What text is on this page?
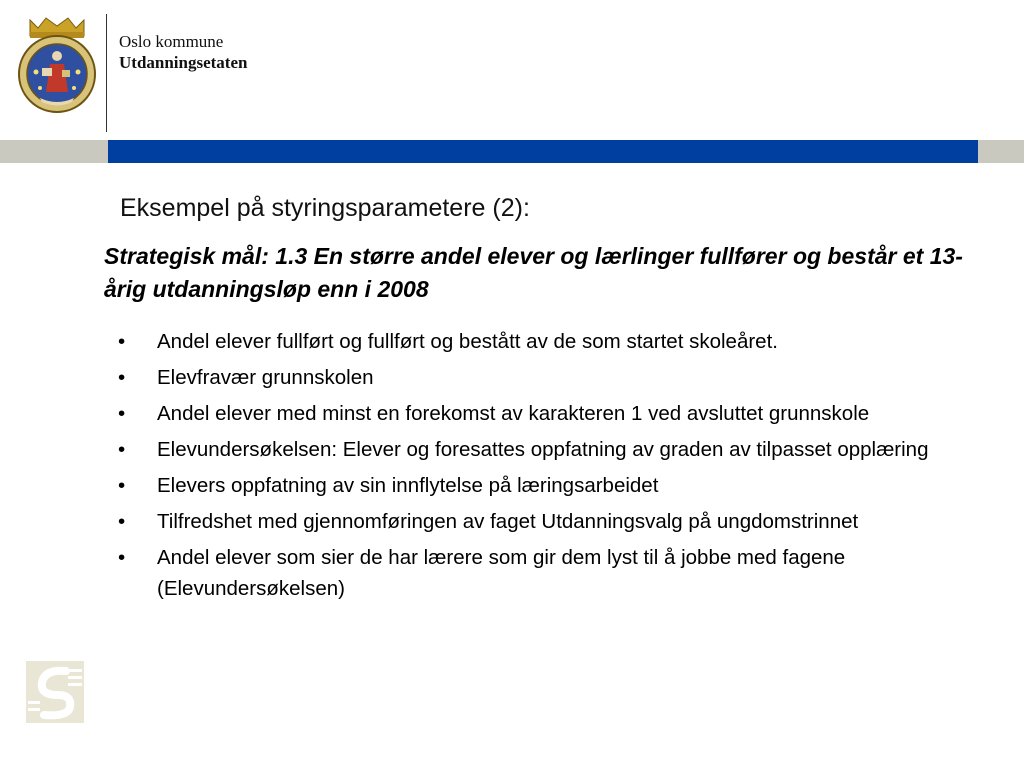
Oslo kommune
Utdanningsetaten
Eksempel på styringsparametere (2):
Strategisk mål: 1.3 En større andel elever og lærlinger fullfører og består et 13-årig utdanningsløp enn i 2008
• Andel elever fullført og fullført og bestått av de som startet skoleåret.
• Elevfravær grunnskolen
• Andel elever med minst en forekomst av karakteren 1 ved avsluttet grunnskole
• Elevundersøkelsen: Elever og foresattes oppfatning av graden av tilpasset opplæring
• Elevers oppfatning av sin innflytelse på læringsarbeidet
• Tilfredshet med gjennomføringen av faget Utdanningsvalg på ungdomstrinnet
• Andel elever som sier de har lærere som gir dem lyst til å jobbe med fagene (Elevundersøkelsen)
